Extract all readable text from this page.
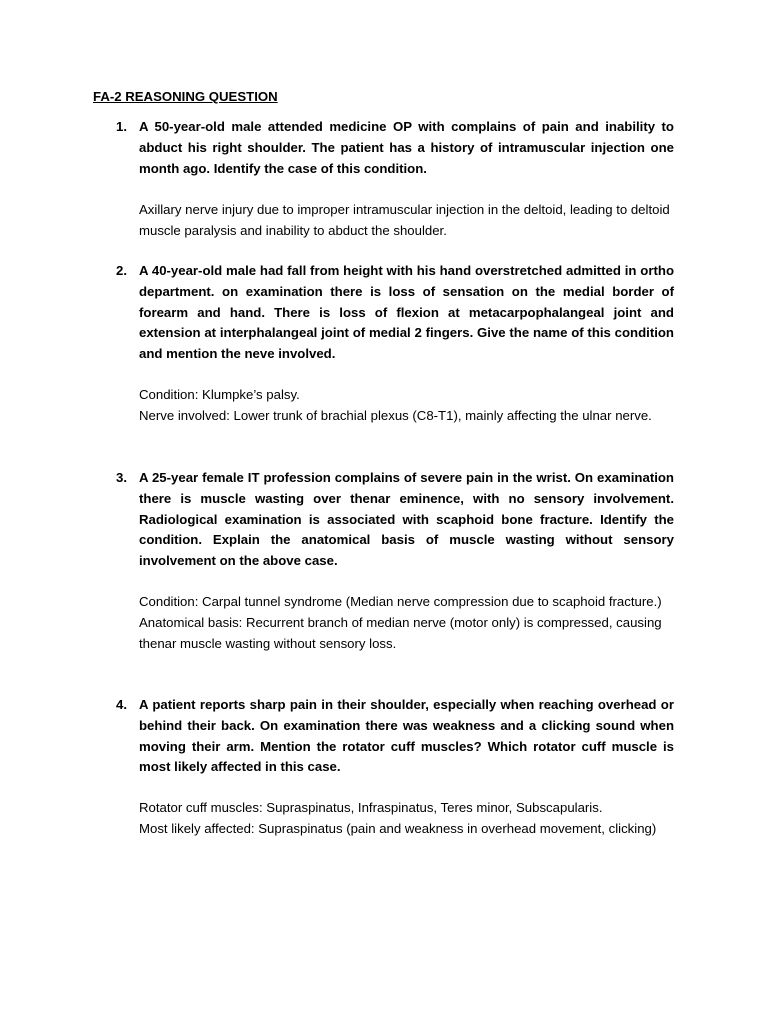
FA-2 REASONING QUESTION
1. A 50-year-old male attended medicine OP with complains of pain and inability to abduct his right shoulder. The patient has a history of intramuscular injection one month ago. Identify the case of this condition.

Axillary nerve injury due to improper intramuscular injection in the deltoid, leading to deltoid muscle paralysis and inability to abduct the shoulder.

2. A 40-year-old male had fall from height with his hand overstretched admitted in ortho department. on examination there is loss of sensation on the medial border of forearm and hand. There is loss of flexion at metacarpophalangeal joint and extension at interphalangeal joint of medial 2 fingers. Give the name of this condition and mention the neve involved.

Condition: Klumpke’s palsy.

Nerve involved: Lower trunk of brachial plexus (C8-T1), mainly affecting the ulnar nerve.

3. A 25-year female IT profession complains of severe pain in the wrist. On examination there is muscle wasting over thenar eminence, with no sensory involvement. Radiological examination is associated with scaphoid bone fracture. Identify the condition. Explain the anatomical basis of muscle wasting without sensory involvement on the above case.

Condition: Carpal tunnel syndrome (Median nerve compression due to scaphoid fracture.)

Anatomical basis: Recurrent branch of median nerve (motor only) is compressed, causing thenar muscle wasting without sensory loss.

4. A patient reports sharp pain in their shoulder, especially when reaching overhead or behind their back. On examination there was weakness and a clicking sound when moving their arm. Mention the rotator cuff muscles? Which rotator cuff muscle is most likely affected in this case.

Rotator cuff muscles: Supraspinatus, Infraspinatus, Teres minor, Subscapularis.

Most likely affected: Supraspinatus (pain and weakness in overhead movement, clicking)
